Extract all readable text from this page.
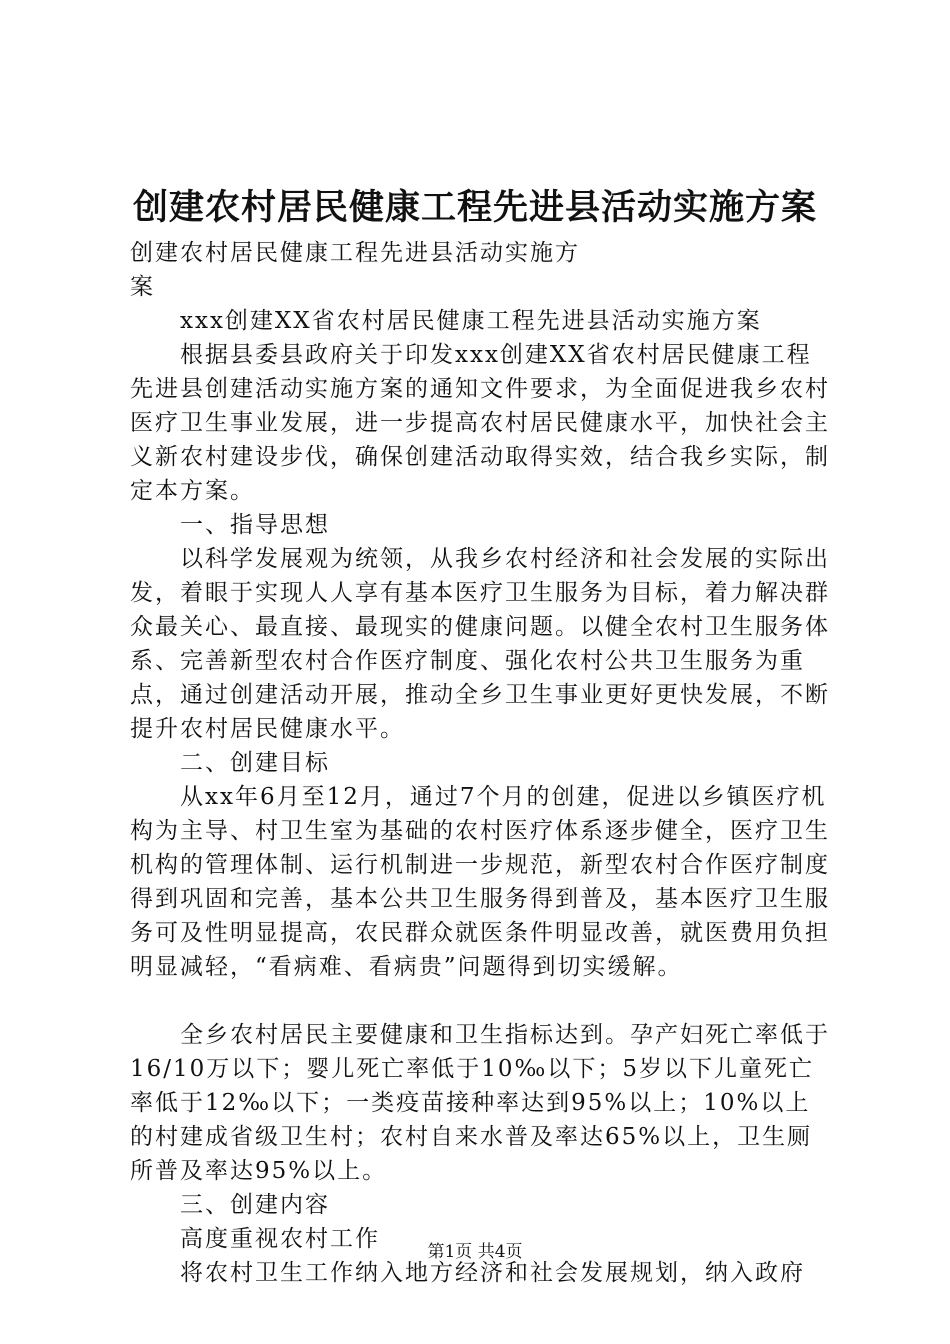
创建农村居民健康工程先进县活动实施方案

创建农村居民健康工程先进县活动实施方案

xxx创建XX省农村居民健康工程先进县活动实施方案

根据县委县政府关于印发xxx创建XX省农村居民健康工程先进县创建活动实施方案的通知文件要求，为全面促进我乡农村医疗卫生事业发展，进一步提高农村居民健康水平，加快社会主义新农村建设步伐，确保创建活动取得实效，结合我乡实际，制定本方案。

一、指导思想

以科学发展观为统领，从我乡农村经济和社会发展的实际出发，着眼于实现人人享有基本医疗卫生服务为目标，着力解决群众最关心、最直接、最现实的健康问题。以健全农村卫生服务体系、完善新型农村合作医疗制度、强化农村公共卫生服务为重点，通过创建活动开展，推动全乡卫生事业更好更快发展，不断提升农村居民健康水平。

二、创建目标

从xx年6月至12月，通过7个月的创建，促进以乡镇医疗机构为主导、村卫生室为基础的农村医疗体系逐步健全，医疗卫生机构的管理体制、运行机制进一步规范，新型农村合作医疗制度得到巩固和完善，基本公共卫生服务得到普及，基本医疗卫生服务可及性明显提高，农民群众就医条件明显改善，就医费用负担明显减轻，“看病难、看病贵”问题得到切实缓解。

全乡农村居民主要健康和卫生指标达到。孕产妇死亡率低于16/10万以下；婴儿死亡率低于10‰以下；5岁以下儿童死亡率低于12‰以下；一类疫苗接种率达到95%以上；10%以上的村建成省级卫生村；农村自来水普及率达65%以上，卫生厕所普及率达95%以上。

三、创建内容

高度重视农村工作

将农村卫生工作纳入地方经济和社会发展规划，纳入政府

第1页 共4页
